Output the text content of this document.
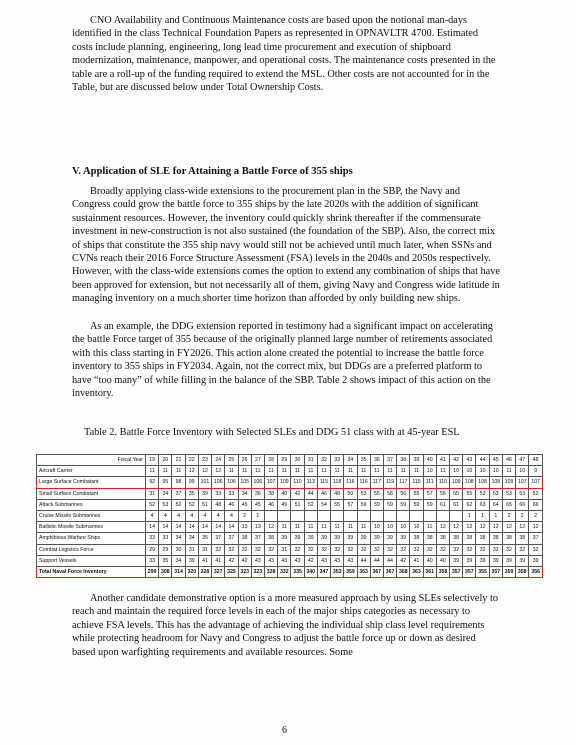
CNO Availability and Continuous Maintenance costs are based upon the notional man-days identified in the class Technical Foundation Papers as represented in OPNAVLTR 4700. Estimated costs include planning, engineering, long lead time procurement and execution of shipboard modernization, maintenance, manpower, and operational costs. The maintenance costs presented in the table are a roll-up of the funding required to extend the MSL. Other costs are not accounted for in the Table, but are discussed below under Total Ownership Costs.

V. Application of SLE for Attaining a Battle Force of 355 ships

Broadly applying class-wide extensions to the procurement plan in the SBP, the Navy and Congress could grow the battle force to 355 ships by the late 2020s with the addition of significant sustainment resources. However, the inventory could quickly shrink thereafter if the commensurate investment in new-construction is not also sustained (the foundation of the SBP). Also, the correct mix of ships that constitute the 355 ship navy would still not be achieved until much later, when SSNs and CVNs reach their 2016 Force Structure Assessment (FSA) levels in the 2040s and 2050s respectively. However, with the class-wide extensions comes the option to extend any combination of ships that have been approved for extension, but not necessarily all of them, giving Navy and Congress wide latitude in managing inventory on a much shorter time horizon than afforded by only building new ships.

As an example, the DDG extension reported in testimony had a significant impact on accelerating the battle Force target of 355 because of the originally planned large number of retirements associated with this class starting in FY2026. This action alone created the potential to increase the battle force inventory to 355 ships in FY2034. Again, not the correct mix, but DDGs are a preferred platform to have “too many” of while filling in the balance of the SBP. Table 2 shows impact of this action on the inventory.

Table 2. Battle Force Inventory with Selected SLEs and DDG 51 class with at 45-year ESL

Fiscal Year	19	20	21	22	23	24	25	26	27	28	29	30	31	32	33	34	35	36	37	38	39	40	41	42	43	44	45	46	47	48
Aircraft Carrier	11	11	11	12	12	12	11	11	11	11	11	11	11	11	11	11	11	11	11	11	11	10	11	10	10	10	10	11	10	9
Large Surface Combatant	92	95	98	99	101	106	106	105	106	107	109	110	113	115	118	116	116	117	119	117	115	111	110	109	108	108	108	109	107	107
Small Surface Combatant	31	34	37	35	39	33	33	34	36	38	40	42	44	46	48	50	53	55	56	56	55	57	56	55	55	53	53	53	53	52
Attack Submarines	52	53	52	52	51	48	46	45	45	46	49	51	52	54	55	57	59	59	59	59	59	59	61	61	62	63	64	65	66	66
Cruise Missile Submarines	4	4	4	4	4	4	4	2	1																1	1	1	2	2	2
Ballistic Missile Submarines	14	14	14	14	14	14	14	13	13	12	11	11	11	11	11	11	11	10	10	10	10	11	12	12	12	12	12	12	12	12
Amphibious Warfare Ships	33	33	34	34	35	37	37	38	37	38	39	39	39	39	39	39	39	39	39	39	38	38	38	38	38	38	38	38	38	37
Combat Logistics Force	29	29	30	31	31	32	32	32	32	32	31	32	32	32	32	32	32	32	32	32	32	32	32	32	32	32	32	32	32	32
Support Vessels	33	35	34	39	41	41	42	42	43	43	43	43	42	43	43	43	44	44	44	42	41	40	40	39	39	39	39	39	39	39
Total Naval Force Inventory	299	308	314	320	328	327	325	323	323	328	332	335	340	347	353	359	363	367	367	368	363	361	358	357	357	355	357	359	358	356

Another candidate demonstrative option is a more measured approach by using SLEs selectively to reach and maintain the required force levels in each of the major ships categories as necessary to achieve FSA levels. This has the advantage of achieving the individual ship class level requirements while protecting headroom for Navy and Congress to adjust the battle force up or down as desired based upon warfighting requirements and available resources. Some

6
